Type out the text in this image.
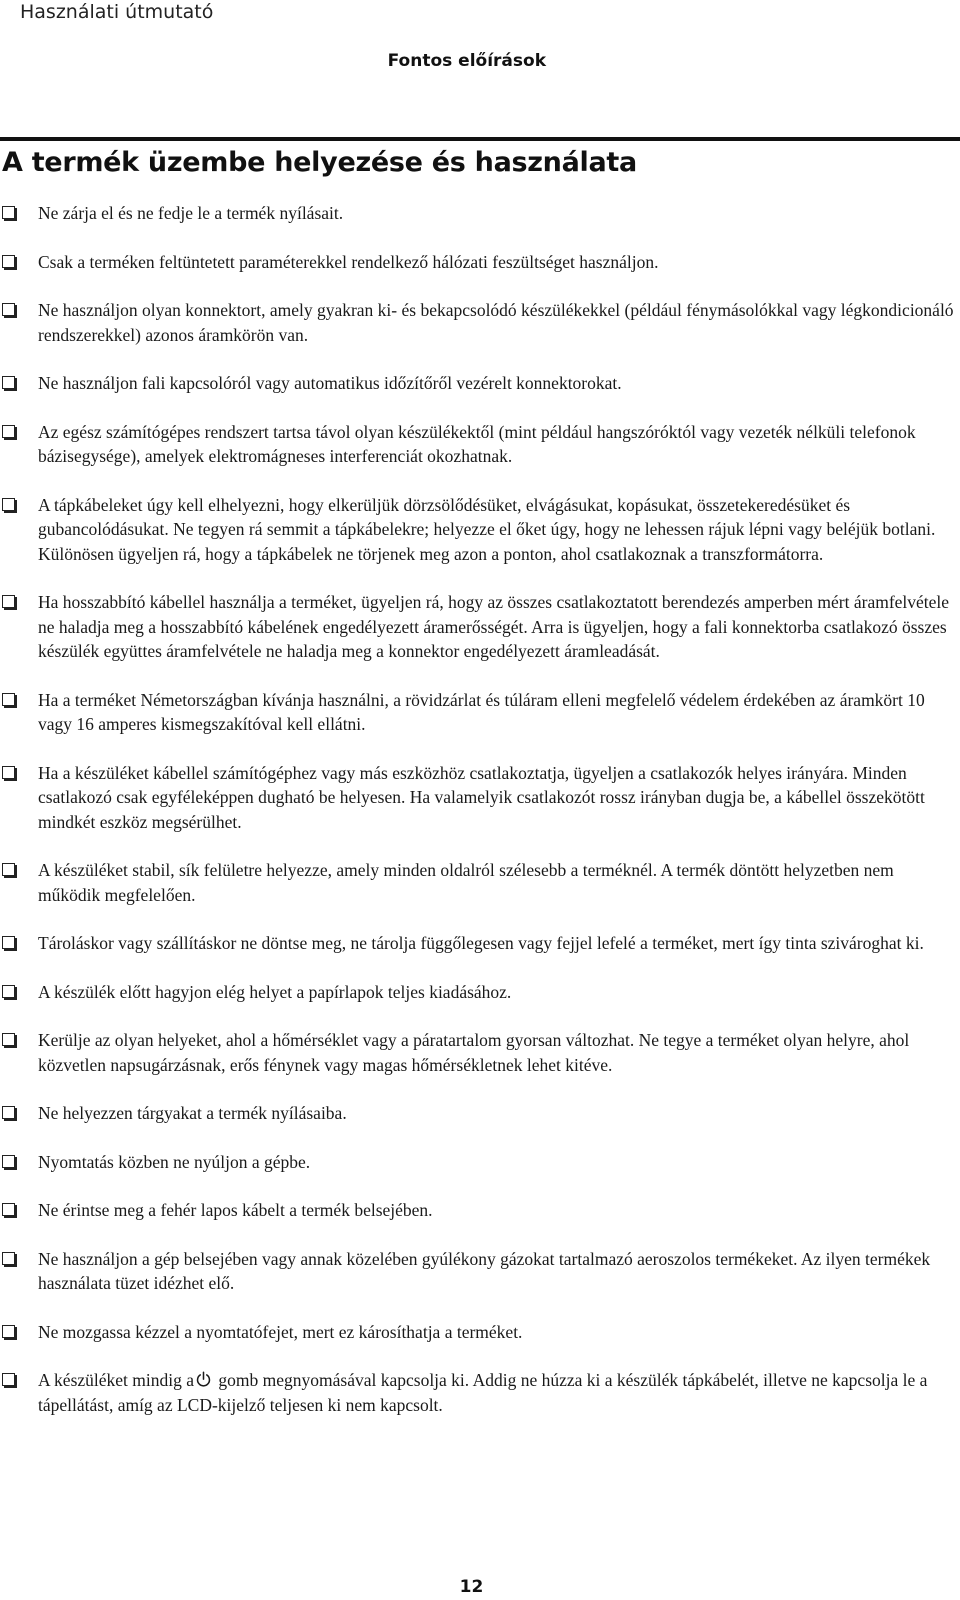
Használati útmutató
Fontos előírások
A termék üzembe helyezése és használata
Ne zárja el és ne fedje le a termék nyílásait.
Csak a terméken feltüntetett paraméterekkel rendelkező hálózati feszültséget használjon.
Ne használjon olyan konnektort, amely gyakran ki- és bekapcsolódó készülékekkel (például fénymásolókkal vagy légkondicionáló rendszerekkel) azonos áramkörön van.
Ne használjon fali kapcsolóról vagy automatikus időzítőről vezérelt konnektorokat.
Az egész számítógépes rendszert tartsa távol olyan készülékektől (mint például hangszóróktól vagy vezeték nélküli telefonok bázisegysége), amelyek elektromágneses interferenciát okozhatnak.
A tápkábeleket úgy kell elhelyezni, hogy elkerüljük dörzsölődésüket, elvágásukat, kopásukat, összetekeredésüket és gubancolódásukat. Ne tegyen rá semmit a tápkábelekre; helyezze el őket úgy, hogy ne lehessen rájuk lépni vagy beléjük botlani. Különösen ügyeljen rá, hogy a tápkábelek ne törjenek meg azon a ponton, ahol csatlakoznak a transzformátorra.
Ha hosszabbító kábellel használja a terméket, ügyeljen rá, hogy az összes csatlakoztatott berendezés amperben mért áramfelvétele ne haladja meg a hosszabbító kábelének engedélyezett áramerősségét. Arra is ügyeljen, hogy a fali konnektorba csatlakozó összes készülék együttes áramfelvétele ne haladja meg a konnektor engedélyezett áramleadását.
Ha a terméket Németországban kívánja használni, a rövidzárlat és túláram elleni megfelelő védelem érdekében az áramkört 10 vagy 16 amperes kismegszakítóval kell ellátni.
Ha a készüléket kábellel számítógéphez vagy más eszközhöz csatlakoztatja, ügyeljen a csatlakozók helyes irányára. Minden csatlakozó csak egyféleképpen dugható be helyesen. Ha valamelyik csatlakozót rossz irányban dugja be, a kábellel összekötött mindkét eszköz megsérülhet.
A készüléket stabil, sík felületre helyezze, amely minden oldalról szélesebb a terméknél. A termék döntött helyzetben nem működik megfelelően.
Tároláskor vagy szállításkor ne döntse meg, ne tárolja függőlegesen vagy fejjel lefelé a terméket, mert így tinta szivároghat ki.
A készülék előtt hagyjon elég helyet a papírlapok teljes kiadásához.
Kerülje az olyan helyeket, ahol a hőmérséklet vagy a páratartalom gyorsan változhat. Ne tegye a terméket olyan helyre, ahol közvetlen napsugárzásnak, erős fénynek vagy magas hőmérsékletnek lehet kitéve.
Ne helyezzen tárgyakat a termék nyílásaiba.
Nyomtatás közben ne nyúljon a gépbe.
Ne érintse meg a fehér lapos kábelt a termék belsejében.
Ne használjon a gép belsejében vagy annak közelében gyúlékony gázokat tartalmazó aeroszolos termékeket. Az ilyen termékek használata tüzet idézhet elő.
Ne mozgassa kézzel a nyomtatófejet, mert ez károsíthatja a terméket.
A készüléket mindig a gomb megnyomásával kapcsolja ki. Addig ne húzza ki a készülék tápkábelét, illetve ne kapcsolja le a tápellátást, amíg az LCD-kijelző teljesen ki nem kapcsolt.
12
